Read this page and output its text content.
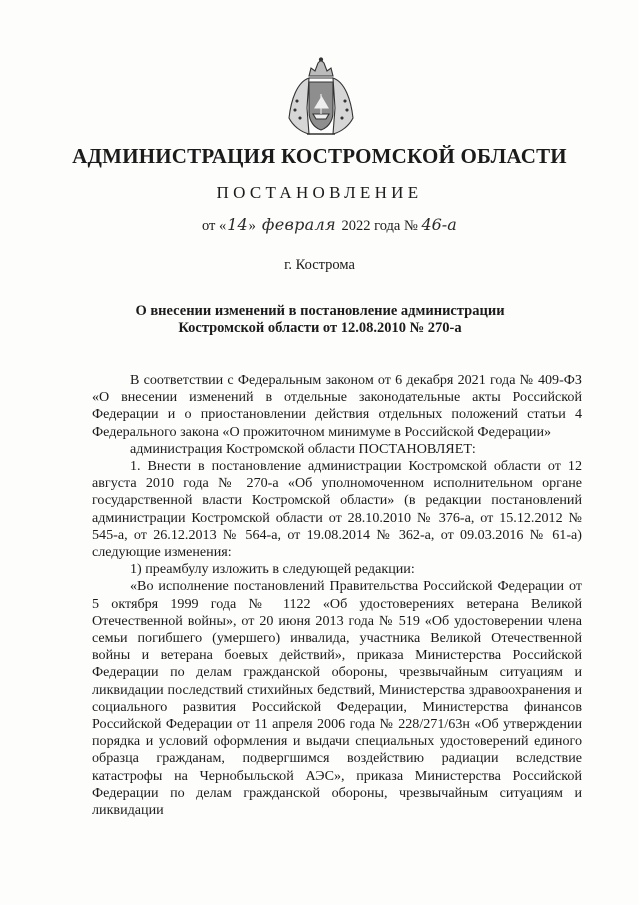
АДМИНИСТРАЦИЯ КОСТРОМСКОЙ ОБЛАСТИ
ПОСТАНОВЛЕНИЕ
от «14» февраля 2022 года № 46-а
г. Кострома
О внесении изменений в постановление администрации
Костромской области от 12.08.2010 № 270-а

В соответствии с Федеральным законом от 6 декабря 2021 года № 409-ФЗ «О внесении изменений в отдельные законодательные акты Российской Федерации и о приостановлении действия отдельных положений статьи 4 Федерального закона «О прожиточном минимуме в Российской Федерации»

администрация Костромской области ПОСТАНОВЛЯЕТ:

1. Внести в постановление администрации Костромской области от 12 августа 2010 года № 270-а «Об уполномоченном исполнительном органе государственной власти Костромской области» (в редакции постановлений администрации Костромской области от 28.10.2010 № 376-а, от 15.12.2012 № 545-а, от 26.12.2013 № 564-а, от 19.08.2014 № 362-а, от 09.03.2016 № 61-а) следующие изменения:

1) преамбулу изложить в следующей редакции:

«Во исполнение постановлений Правительства Российской Федерации от 5 октября 1999 года № 1122 «Об удостоверениях ветерана Великой Отечественной войны», от 20 июня 2013 года № 519 «Об удостоверении члена семьи погибшего (умершего) инвалида, участника Великой Отечественной войны и ветерана боевых действий», приказа Министерства Российской Федерации по делам гражданской обороны, чрезвычайным ситуациям и ликвидации последствий стихийных бедствий, Министерства здравоохранения и социального развития Российской Федерации, Министерства финансов Российской Федерации от 11 апреля 2006 года № 228/271/63н «Об утверждении порядка и условий оформления и выдачи специальных удостоверений единого образца гражданам, подвергшимся воздействию радиации вследствие катастрофы на Чернобыльской АЭС», приказа Министерства Российской Федерации по делам гражданской обороны, чрезвычайным ситуациям и ликвидации
